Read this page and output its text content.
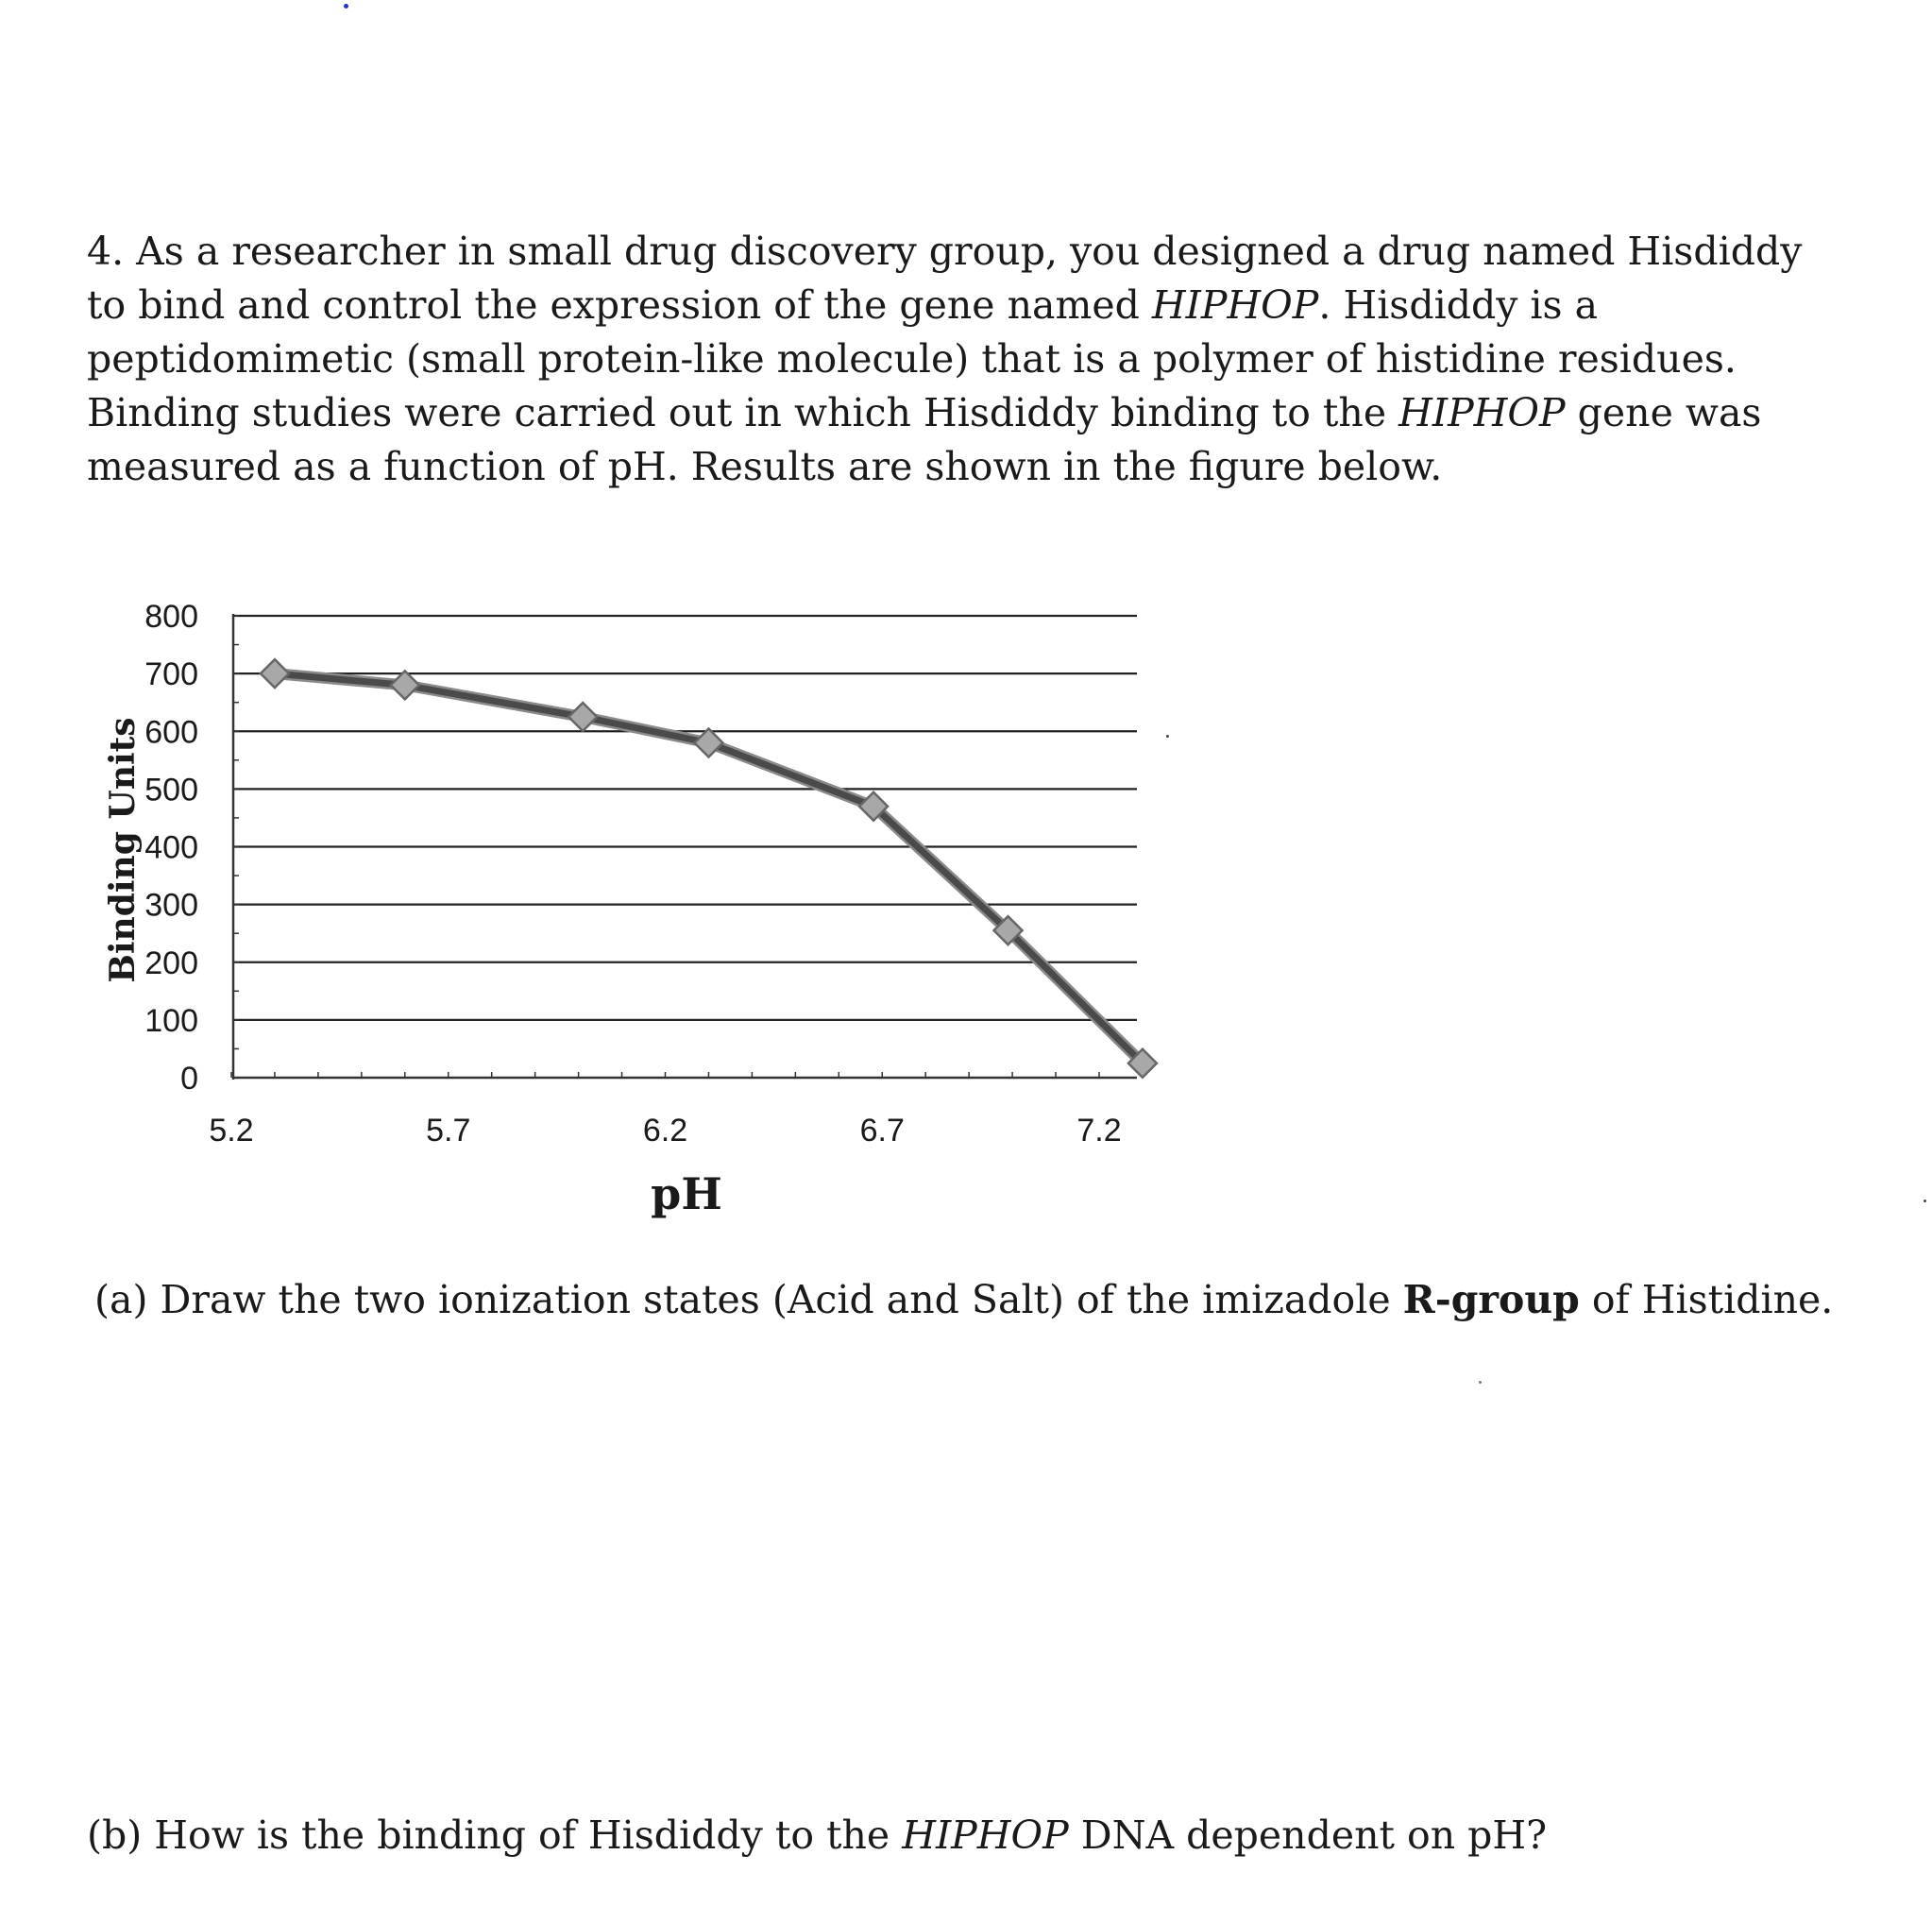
4. As a researcher in small drug discovery group, you designed a drug named Hisdiddy to bind and control the expression of the gene named HIPHOP. Hisdiddy is a peptidomimetic (small protein-like molecule) that is a polymer of histidine residues.

Binding studies were carried out in which Hisdiddy binding to the HIPHOP gene was measured as a function of pH. Results are shown in the figure below.

0
100
200
300
400
500
600
700
800
5.2	5.7	6.2	6.7	7.2
Binding Units
pH

(a) Draw the two ionization states (Acid and Salt) of the imizadole R-group of Histidine.

(b) How is the binding of Hisdiddy to the HIPHOP DNA dependent on pH?
